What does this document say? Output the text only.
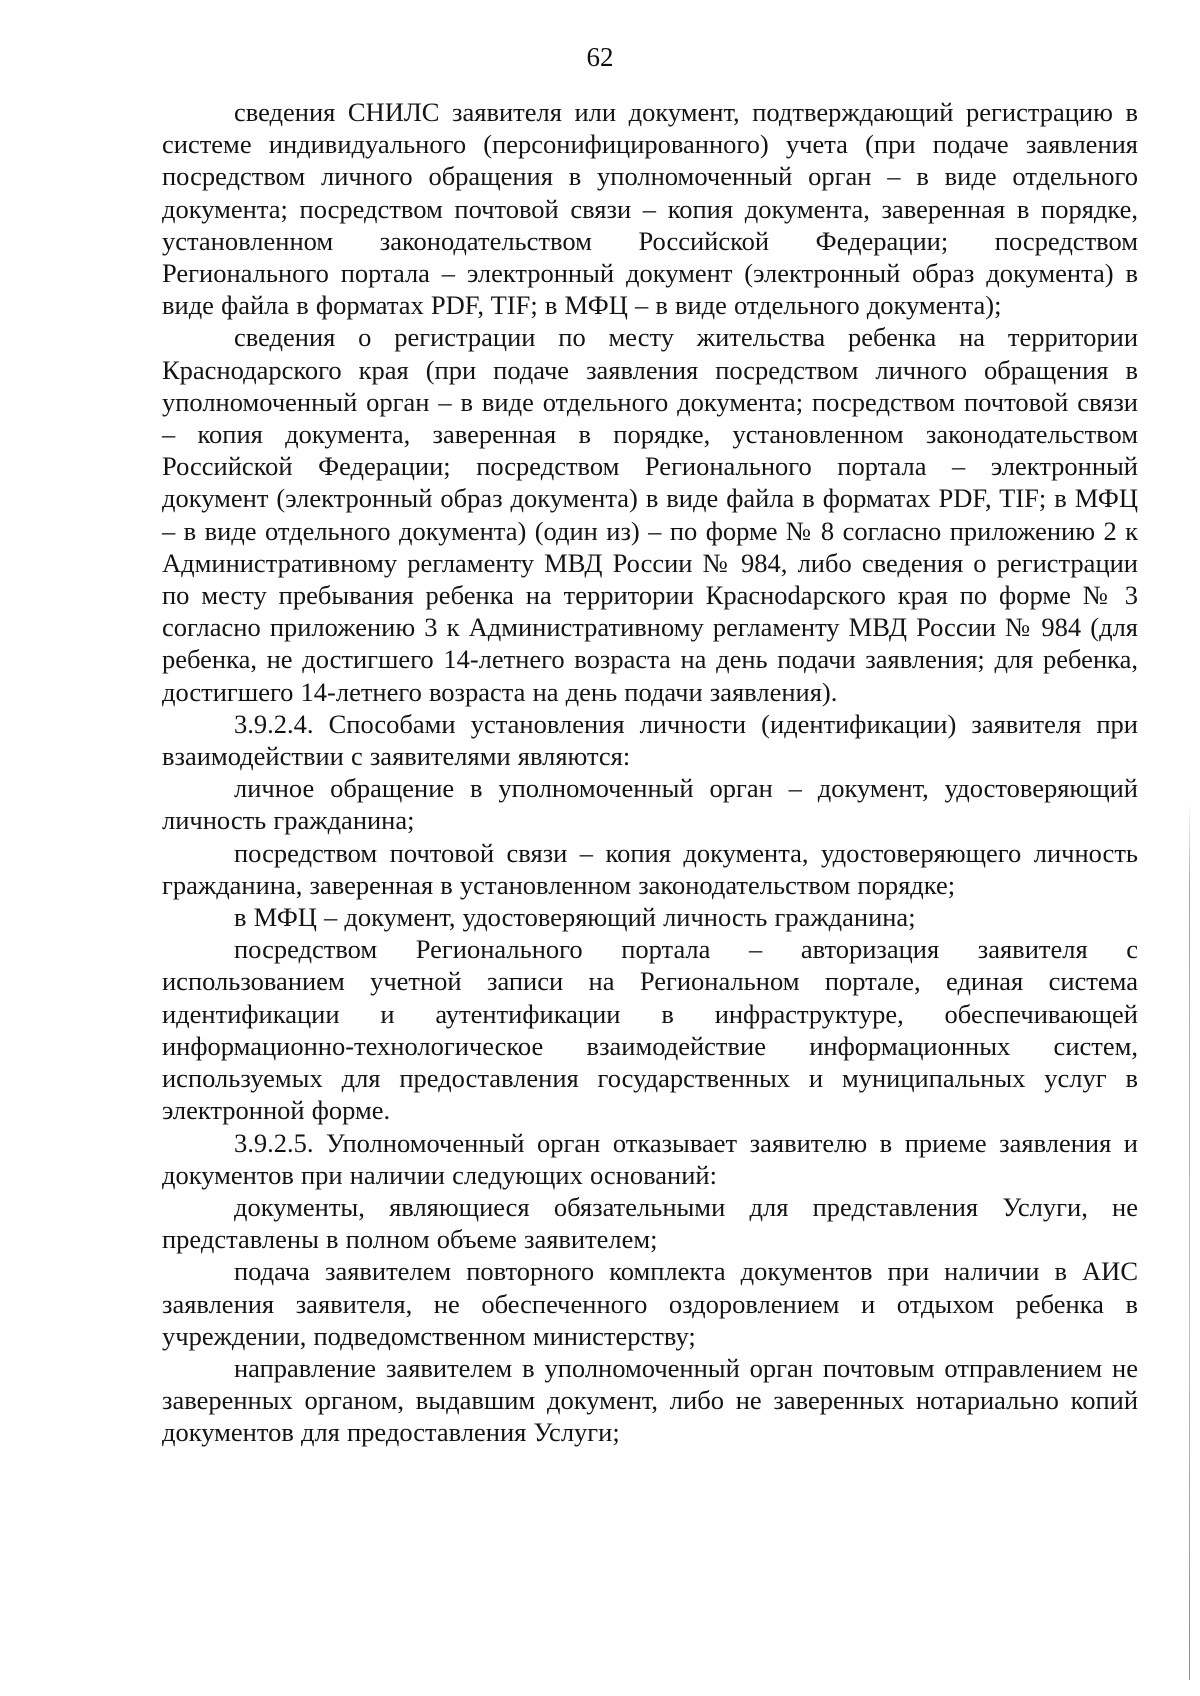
62

сведения СНИЛС заявителя или документ, подтверждающий регистрацию в системе индивидуального (персонифицированного) учета (при подаче заявления посредством личного обращения в уполномоченный орган – в виде отдельного документа; посредством почтовой связи – копия документа, заверенная в порядке, установленном законодательством Российской Федерации; посредством Регионального портала – электронный документ (электронный образ документа) в виде файла в форматах PDF, TIF; в МФЦ – в виде отдельного документа);

сведения о регистрации по месту жительства ребенка на территории Краснодарского края (при подаче заявления посредством личного обращения в уполномоченный орган – в виде отдельного документа; посредством почтовой связи – копия документа, заверенная в порядке, установленном законодательством Российской Федерации; посредством Регионального портала – электронный документ (электронный образ документа) в виде файла в форматах PDF, TIF; в МФЦ – в виде отдельного документа) (один из) – по форме № 8 согласно приложению 2 к Административному регламенту МВД России № 984, либо сведения о регистрации по месту пребывания ребенка на территории Красноdарского края по форме № 3 согласно приложению 3 к Административному регламенту МВД России № 984 (для ребенка, не достигшего 14-летнего возраста на день подачи заявления; для ребенка, достигшего 14-летнего возраста на день подачи заявления).

3.9.2.4. Способами установления личности (идентификации) заявителя при взаимодействии с заявителями являются:

личное обращение в уполномоченный орган – документ, удостоверяющий личность гражданина;

посредством почтовой связи – копия документа, удостоверяющего личность гражданина, заверенная в установленном законодательством порядке;

в МФЦ – документ, удостоверяющий личность гражданина;

посредством Регионального портала – авторизация заявителя с использованием учетной записи на Региональном портале, единая система идентификации и аутентификации в инфраструктуре, обеспечивающей информационно-технологическое взаимодействие информационных систем, используемых для предоставления государственных и муниципальных услуг в электронной форме.

3.9.2.5. Уполномоченный орган отказывает заявителю в приеме заявления и документов при наличии следующих оснований:

документы, являющиеся обязательными для представления Услуги, не представлены в полном объеме заявителем;

подача заявителем повторного комплекта документов при наличии в АИС заявления заявителя, не обеспеченного оздоровлением и отдыхом ребенка в учреждении, подведомственном министерству;

направление заявителем в уполномоченный орган почтовым отправлением не заверенных органом, выдавшим документ, либо не заверенных нотариально копий документов для предоставления Услуги;
